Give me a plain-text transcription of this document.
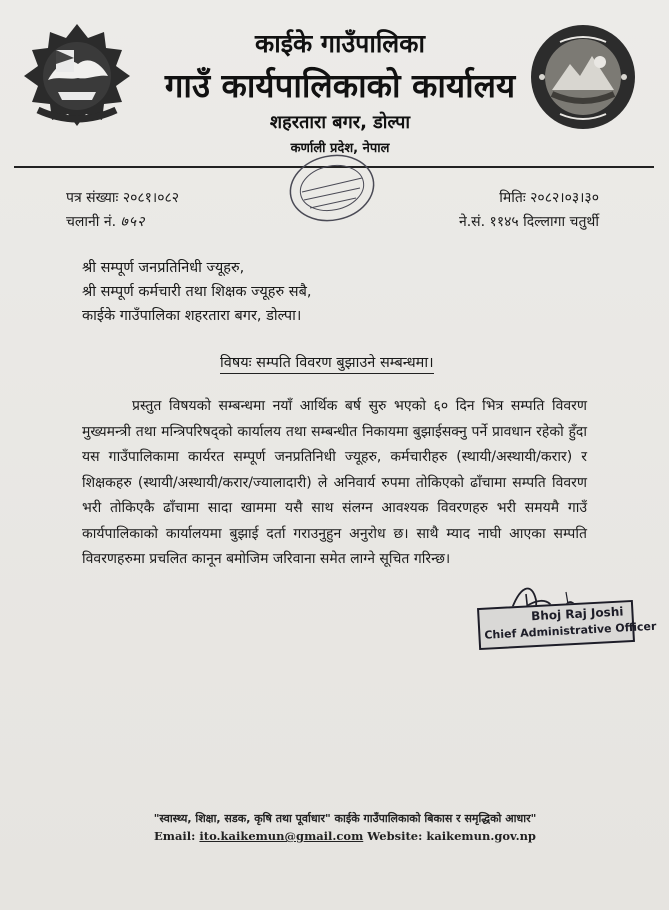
काईके गाउँपालिका
गाउँ कार्यपालिकाको कार्यालय
शहरतारा बगर, डोल्पा
कर्णाली प्रदेश, नेपाल
पत्र संख्याः २०८१।०८२
चलानी नं. ७५२
मितिः २०८२।०३।३०
ने.सं. ११४५ दिल्लागा चतुर्थी
श्री सम्पूर्ण जनप्रतिनिधी ज्यूहरु,
श्री सम्पूर्ण कर्मचारी तथा शिक्षक ज्यूहरु सबै,
काईके गाउँपालिका शहरतारा बगर, डोल्पा।
विषयः सम्पति विवरण बुझाउने सम्बन्धमा।
प्रस्तुत विषयको सम्बन्धमा नयाँ आर्थिक बर्ष सुरु भएको ६० दिन भित्र सम्पति विवरण मुख्यमन्त्री तथा मन्त्रिपरिषद्को कार्यालय तथा सम्बन्धीत निकायमा बुझाईसक्नु पर्ने प्रावधान रहेको हुँदा यस गाउँपालिकामा कार्यरत सम्पूर्ण जनप्रतिनिधी ज्यूहरु, कर्मचारीहरु (स्थायी/अस्थायी/करार) र शिक्षकहरु (स्थायी/अस्थायी/करार/ज्यालादारी) ले अनिवार्य रुपमा तोकिएको ढाँचामा सम्पति विवरण भरी तोकिएकै ढाँचामा सादा खाममा यसै साथ संलग्न आवश्यक विवरणहरु भरी समयमै गाउँ कार्यपालिकाको कार्यालयमा बुझाई दर्ता गराउनुहुन अनुरोध छ। साथै म्याद नाघी आएका सम्पति विवरणहरुमा प्रचलित कानून बमोजिम जरिवाना समेत लाग्ने सूचित गरिन्छ।
Bhoj Raj Joshi
Chief Administrative Officer
"स्वास्थ्य, शिक्षा, सडक, कृषि तथा पूर्वाधार" काईके गाउँपालिकाको बिकास र समृद्धिको आधार"
Email: ito.kaikemun@gmail.com Website: kaikemun.gov.np
